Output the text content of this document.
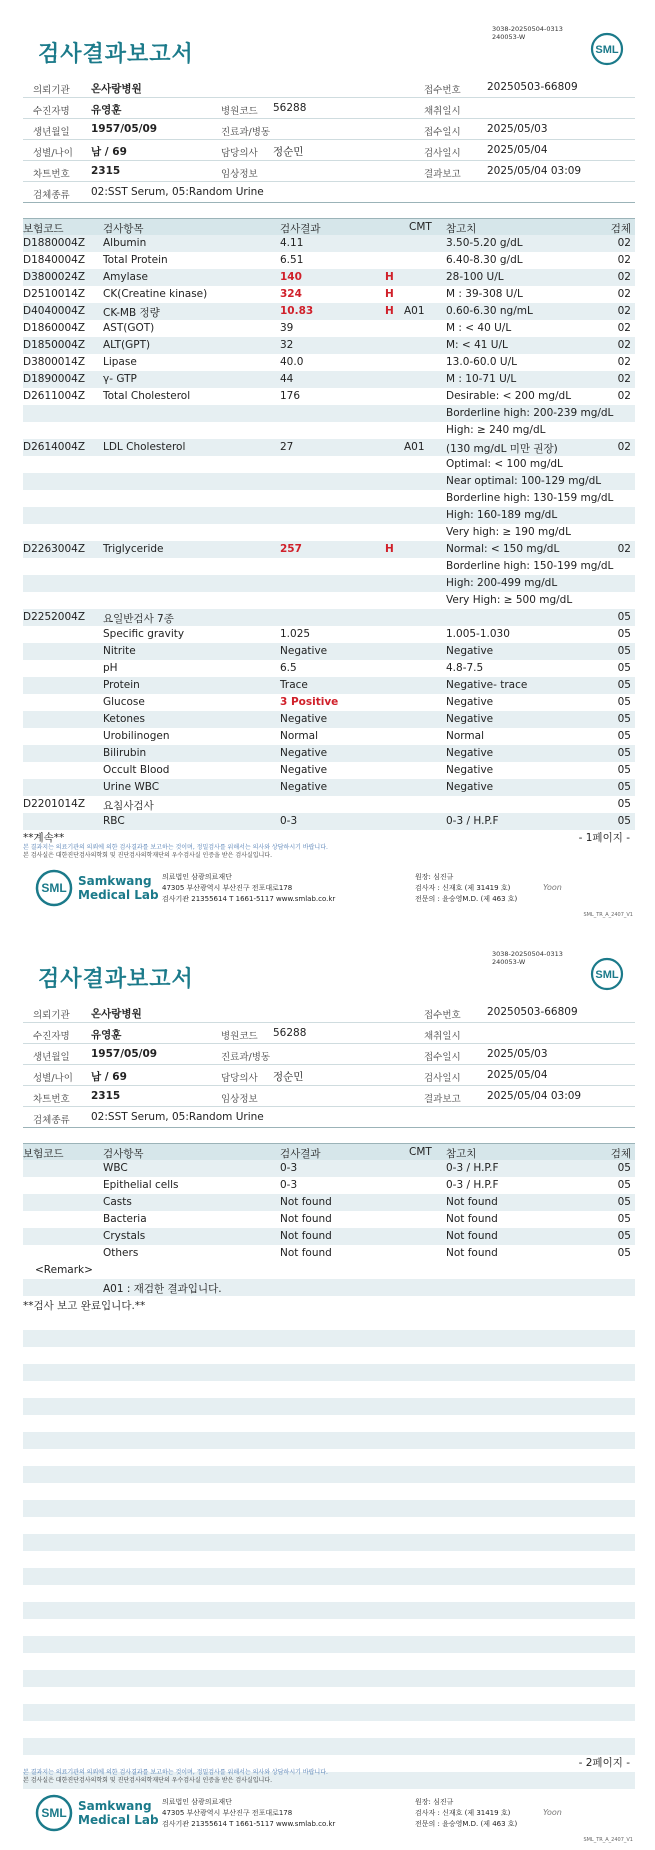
검사결과보고서
3038-20250504-0313
240053-W
SML
의뢰기관 온사랑병원	접수번호	20250503-66809
수진자명 유영훈	병원코드 56288	채취일시
생년월일 1957/05/09	진료과/병동	접수일시	2025/05/03
성별/나이 남 / 69	담당의사 정순민	검사일시	2025/05/04
차트번호 2315	임상정보	결과보고	2025/05/04 03:09
검체종류 02:SST Serum, 05:Random Urine
보험코드	검사항목	검사결과	CMT 참고치	검체
D1880004Z Albumin	4.11	3.50-5.20 g/dL	02
D1840004Z Total Protein	6.51	6.40-8.30 g/dL	02
D3800024Z Amylase	140	H	28-100 U/L	02
D2510014Z CK(Creatine kinase)	324	H	M : 39-308 U/L	02
D4040004Z CK-MB 정량	10.83	H A01 0.60-6.30 ng/mL	02
D1860004Z AST(GOT)	39	M : < 40 U/L	02
D1850004Z ALT(GPT)	32	M: < 41 U/L	02
D3800014Z Lipase	40.0	13.0-60.0 U/L	02
D1890004Z γ- GTP	44	M : 10-71 U/L	02
D2611004Z Total Cholesterol	176	Desirable: < 200 mg/dL	02
Borderline high: 200-239 mg/dL
High: ≥ 240 mg/dL
D2614004Z LDL Cholesterol	27	A01 (130 mg/dL 미만 권장)	02
Optimal: < 100 mg/dL
Near optimal: 100-129 mg/dL
Borderline high: 130-159 mg/dL
High: 160-189 mg/dL
Very high: ≥ 190 mg/dL
D2263004Z Triglyceride	257	H	Normal: < 150 mg/dL	02
Borderline high: 150-199 mg/dL
High: 200-499 mg/dL
Very High: ≥ 500 mg/dL
D2252004Z 요일반검사 7종	05
Specific gravity	1.025	1.005-1.030	05
Nitrite	Negative	Negative	05
pH	6.5	4.8-7.5	05
Protein	Trace	Negative- trace	05
Glucose	3 Positive	Negative	05
Ketones	Negative	Negative	05
Urobilinogen	Normal	Normal	05
Bilirubin	Negative	Negative	05
Occult Blood	Negative	Negative	05
Urine WBC	Negative	Negative	05
D2201014Z 요침사검사	05
RBC	0-3	0-3 / H.P.F	05
**계속**	- 1페이지 -
본 결과지는 의료기관의 의뢰에 의한 검사결과를 보고하는 것이며, 정밀검사를 위해서는 의사와 상담하시기 바랍니다.
본 검사실은 대한진단검사의학회 및 진단검사의학재단의 우수검사실 인증을 받은 검사실입니다.
SML Samkwang
Medical Lab
의료법인 삼광의료재단
47305 부산광역시 부산진구 전포대로178
검사기관 21355614 T 1661-5117 www.smlab.co.kr
원장: 심진규
검사자 : 신재호 (제 31419 호)
전문의 : 윤승영M.D. (제 463 호)
Yoon
SML_TR_A_2407_V1
검사결과보고서
3038-20250504-0313
240053-W
SML
의뢰기관 온사랑병원	접수번호	20250503-66809
수진자명 유영훈	병원코드 56288	채취일시
생년월일 1957/05/09	진료과/병동	접수일시	2025/05/03
성별/나이 남 / 69	담당의사 정순민	검사일시	2025/05/04
차트번호 2315	임상정보	결과보고	2025/05/04 03:09
검체종류 02:SST Serum, 05:Random Urine
보험코드	검사항목	검사결과	CMT 참고치	검체
WBC	0-3	0-3 / H.P.F	05
Epithelial cells	0-3	0-3 / H.P.F	05
Casts	Not found	Not found	05
Bacteria	Not found	Not found	05
Crystals	Not found	Not found	05
Others	Not found	Not found	05
<Remark>
A01 : 재검한 결과입니다.
**검사 보고 완료입니다.**
- 2페이지 -
본 결과지는 의료기관의 의뢰에 의한 검사결과를 보고하는 것이며, 정밀검사를 위해서는 의사와 상담하시기 바랍니다.
본 검사실은 대한진단검사의학회 및 진단검사의학재단의 우수검사실 인증을 받은 검사실입니다.
SML Samkwang
Medical Lab
의료법인 삼광의료재단
47305 부산광역시 부산진구 전포대로178
검사기관 21355614 T 1661-5117 www.smlab.co.kr
원장: 심진규
검사자 : 신재호 (제 31419 호)
전문의 : 윤승영M.D. (제 463 호)
Yoon
SML_TR_A_2407_V1
